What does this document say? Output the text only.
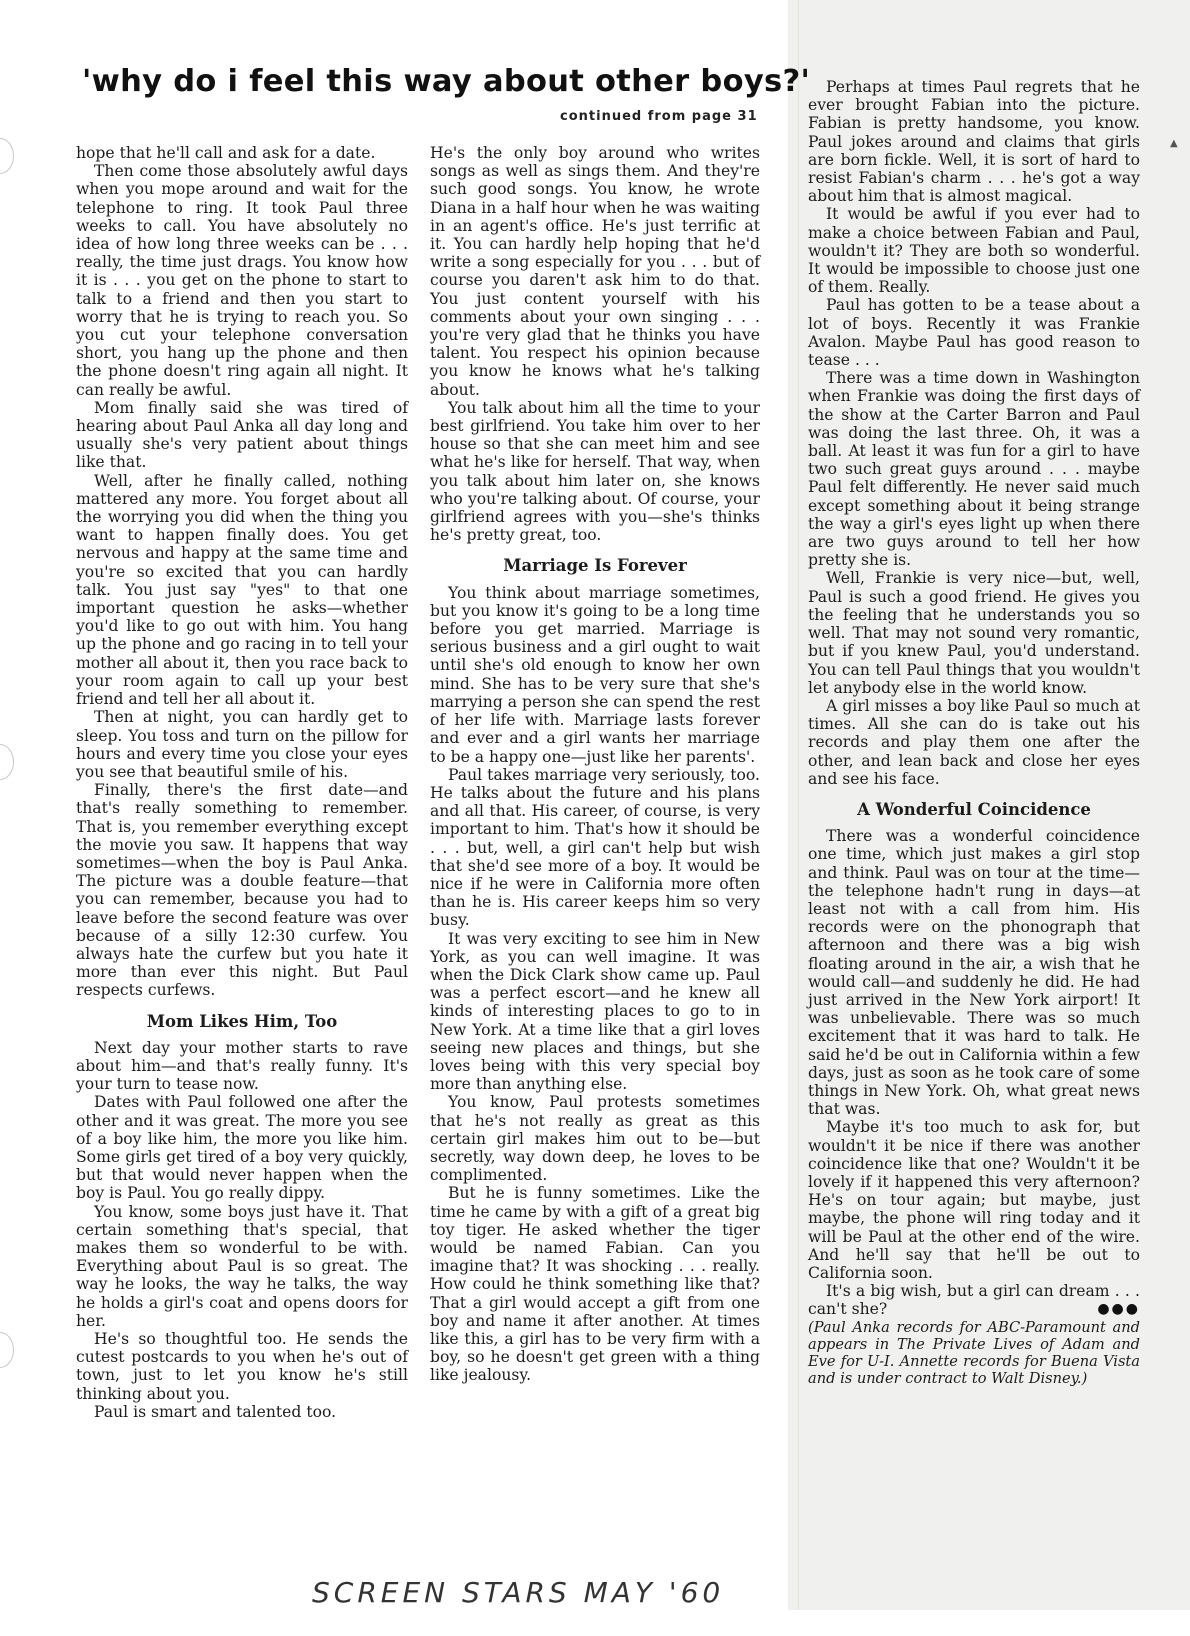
'why do i feel this way about other boys?'
continued from page 31

hope that he'll call and ask for a date.

Then come those absolutely awful days when you mope around and wait for the telephone to ring. It took Paul three weeks to call. You have absolutely no idea of how long three weeks can be . . . really, the time just drags. You know how it is . . . you get on the phone to start to talk to a friend and then you start to worry that he is trying to reach you. So you cut your telephone conversation short, you hang up the phone and then the phone doesn't ring again all night. It can really be awful.

Mom finally said she was tired of hearing about Paul Anka all day long and usually she's very patient about things like that.

Well, after he finally called, nothing mattered any more. You forget about all the worrying you did when the thing you want to happen finally does. You get nervous and happy at the same time and you're so excited that you can hardly talk. You just say "yes" to that one important question he asks—whether you'd like to go out with him. You hang up the phone and go racing in to tell your mother all about it, then you race back to your room again to call up your best friend and tell her all about it.

Then at night, you can hardly get to sleep. You toss and turn on the pillow for hours and every time you close your eyes you see that beautiful smile of his.

Finally, there's the first date—and that's really something to remember. That is, you remember everything except the movie you saw. It happens that way sometimes—when the boy is Paul Anka. The picture was a double feature—that you can remember, because you had to leave before the second feature was over because of a silly 12:30 curfew. You always hate the curfew but you hate it more than ever this night. But Paul respects curfews.

Mom Likes Him, Too

Next day your mother starts to rave about him—and that's really funny. It's your turn to tease now.

Dates with Paul followed one after the other and it was great. The more you see of a boy like him, the more you like him. Some girls get tired of a boy very quickly, but that would never happen when the boy is Paul. You go really dippy.

You know, some boys just have it. That certain something that's special, that makes them so wonderful to be with. Everything about Paul is so great. The way he looks, the way he talks, the way he holds a girl's coat and opens doors for her.

He's so thoughtful too. He sends the cutest postcards to you when he's out of town, just to let you know he's still thinking about you.

Paul is smart and talented too.

He's the only boy around who writes songs as well as sings them. And they're such good songs. You know, he wrote Diana in a half hour when he was waiting in an agent's office. He's just terrific at it. You can hardly help hoping that he'd write a song especially for you . . . but of course you daren't ask him to do that. You just content yourself with his comments about your own singing . . . you're very glad that he thinks you have talent. You respect his opinion because you know he knows what he's talking about.

You talk about him all the time to your best girlfriend. You take him over to her house so that she can meet him and see what he's like for herself. That way, when you talk about him later on, she knows who you're talking about. Of course, your girlfriend agrees with you—she's thinks he's pretty great, too.

Marriage Is Forever

You think about marriage sometimes, but you know it's going to be a long time before you get married. Marriage is serious business and a girl ought to wait until she's old enough to know her own mind. She has to be very sure that she's marrying a person she can spend the rest of her life with. Marriage lasts forever and ever and a girl wants her marriage to be a happy one—just like her parents'.

Paul takes marriage very seriously, too. He talks about the future and his plans and all that. His career, of course, is very important to him. That's how it should be . . . but, well, a girl can't help but wish that she'd see more of a boy. It would be nice if he were in California more often than he is. His career keeps him so very busy.

It was very exciting to see him in New York, as you can well imagine. It was when the Dick Clark show came up. Paul was a perfect escort—and he knew all kinds of interesting places to go to in New York. At a time like that a girl loves seeing new places and things, but she loves being with this very special boy more than anything else.

You know, Paul protests sometimes that he's not really as great as this certain girl makes him out to be—but secretly, way down deep, he loves to be complimented.

But he is funny sometimes. Like the time he came by with a gift of a great big toy tiger. He asked whether the tiger would be named Fabian. Can you imagine that? It was shocking . . . really. How could he think something like that? That a girl would accept a gift from one boy and name it after another. At times like this, a girl has to be very firm with a boy, so he doesn't get green with a thing like jealousy.

Perhaps at times Paul regrets that he ever brought Fabian into the picture. Fabian is pretty handsome, you know. Paul jokes around and claims that girls are born fickle. Well, it is sort of hard to resist Fabian's charm . . . he's got a way about him that is almost magical.

It would be awful if you ever had to make a choice between Fabian and Paul, wouldn't it? They are both so wonderful. It would be impossible to choose just one of them. Really.

Paul has gotten to be a tease about a lot of boys. Recently it was Frankie Avalon. Maybe Paul has good reason to tease . . .

There was a time down in Washington when Frankie was doing the first days of the show at the Carter Barron and Paul was doing the last three. Oh, it was a ball. At least it was fun for a girl to have two such great guys around . . . maybe Paul felt differently. He never said much except something about it being strange the way a girl's eyes light up when there are two guys around to tell her how pretty she is.

Well, Frankie is very nice—but, well, Paul is such a good friend. He gives you the feeling that he understands you so well. That may not sound very romantic, but if you knew Paul, you'd understand. You can tell Paul things that you wouldn't let anybody else in the world know.

A girl misses a boy like Paul so much at times. All she can do is take out his records and play them one after the other, and lean back and close her eyes and see his face.

A Wonderful Coincidence

There was a wonderful coincidence one time, which just makes a girl stop and think. Paul was on tour at the time—the telephone hadn't rung in days—at least not with a call from him. His records were on the phonograph that afternoon and there was a big wish floating around in the air, a wish that he would call—and suddenly he did. He had just arrived in the New York airport! It was unbelievable. There was so much excitement that it was hard to talk. He said he'd be out in California within a few days, just as soon as he took care of some things in New York. Oh, what great news that was.

Maybe it's too much to ask for, but wouldn't it be nice if there was another coincidence like that one? Wouldn't it be lovely if it happened this very afternoon? He's on tour again; but maybe, just maybe, the phone will ring today and it will be Paul at the other end of the wire. And he'll say that he'll be out to California soon.

It's a big wish, but a girl can dream . . . can't she?	●●●

(Paul Anka records for ABC-Paramount and appears in The Private Lives of Adam and Eve for U-I. Annette records for Buena Vista and is under contract to Walt Disney.)

▲
SCREEN STARS MAY '60
